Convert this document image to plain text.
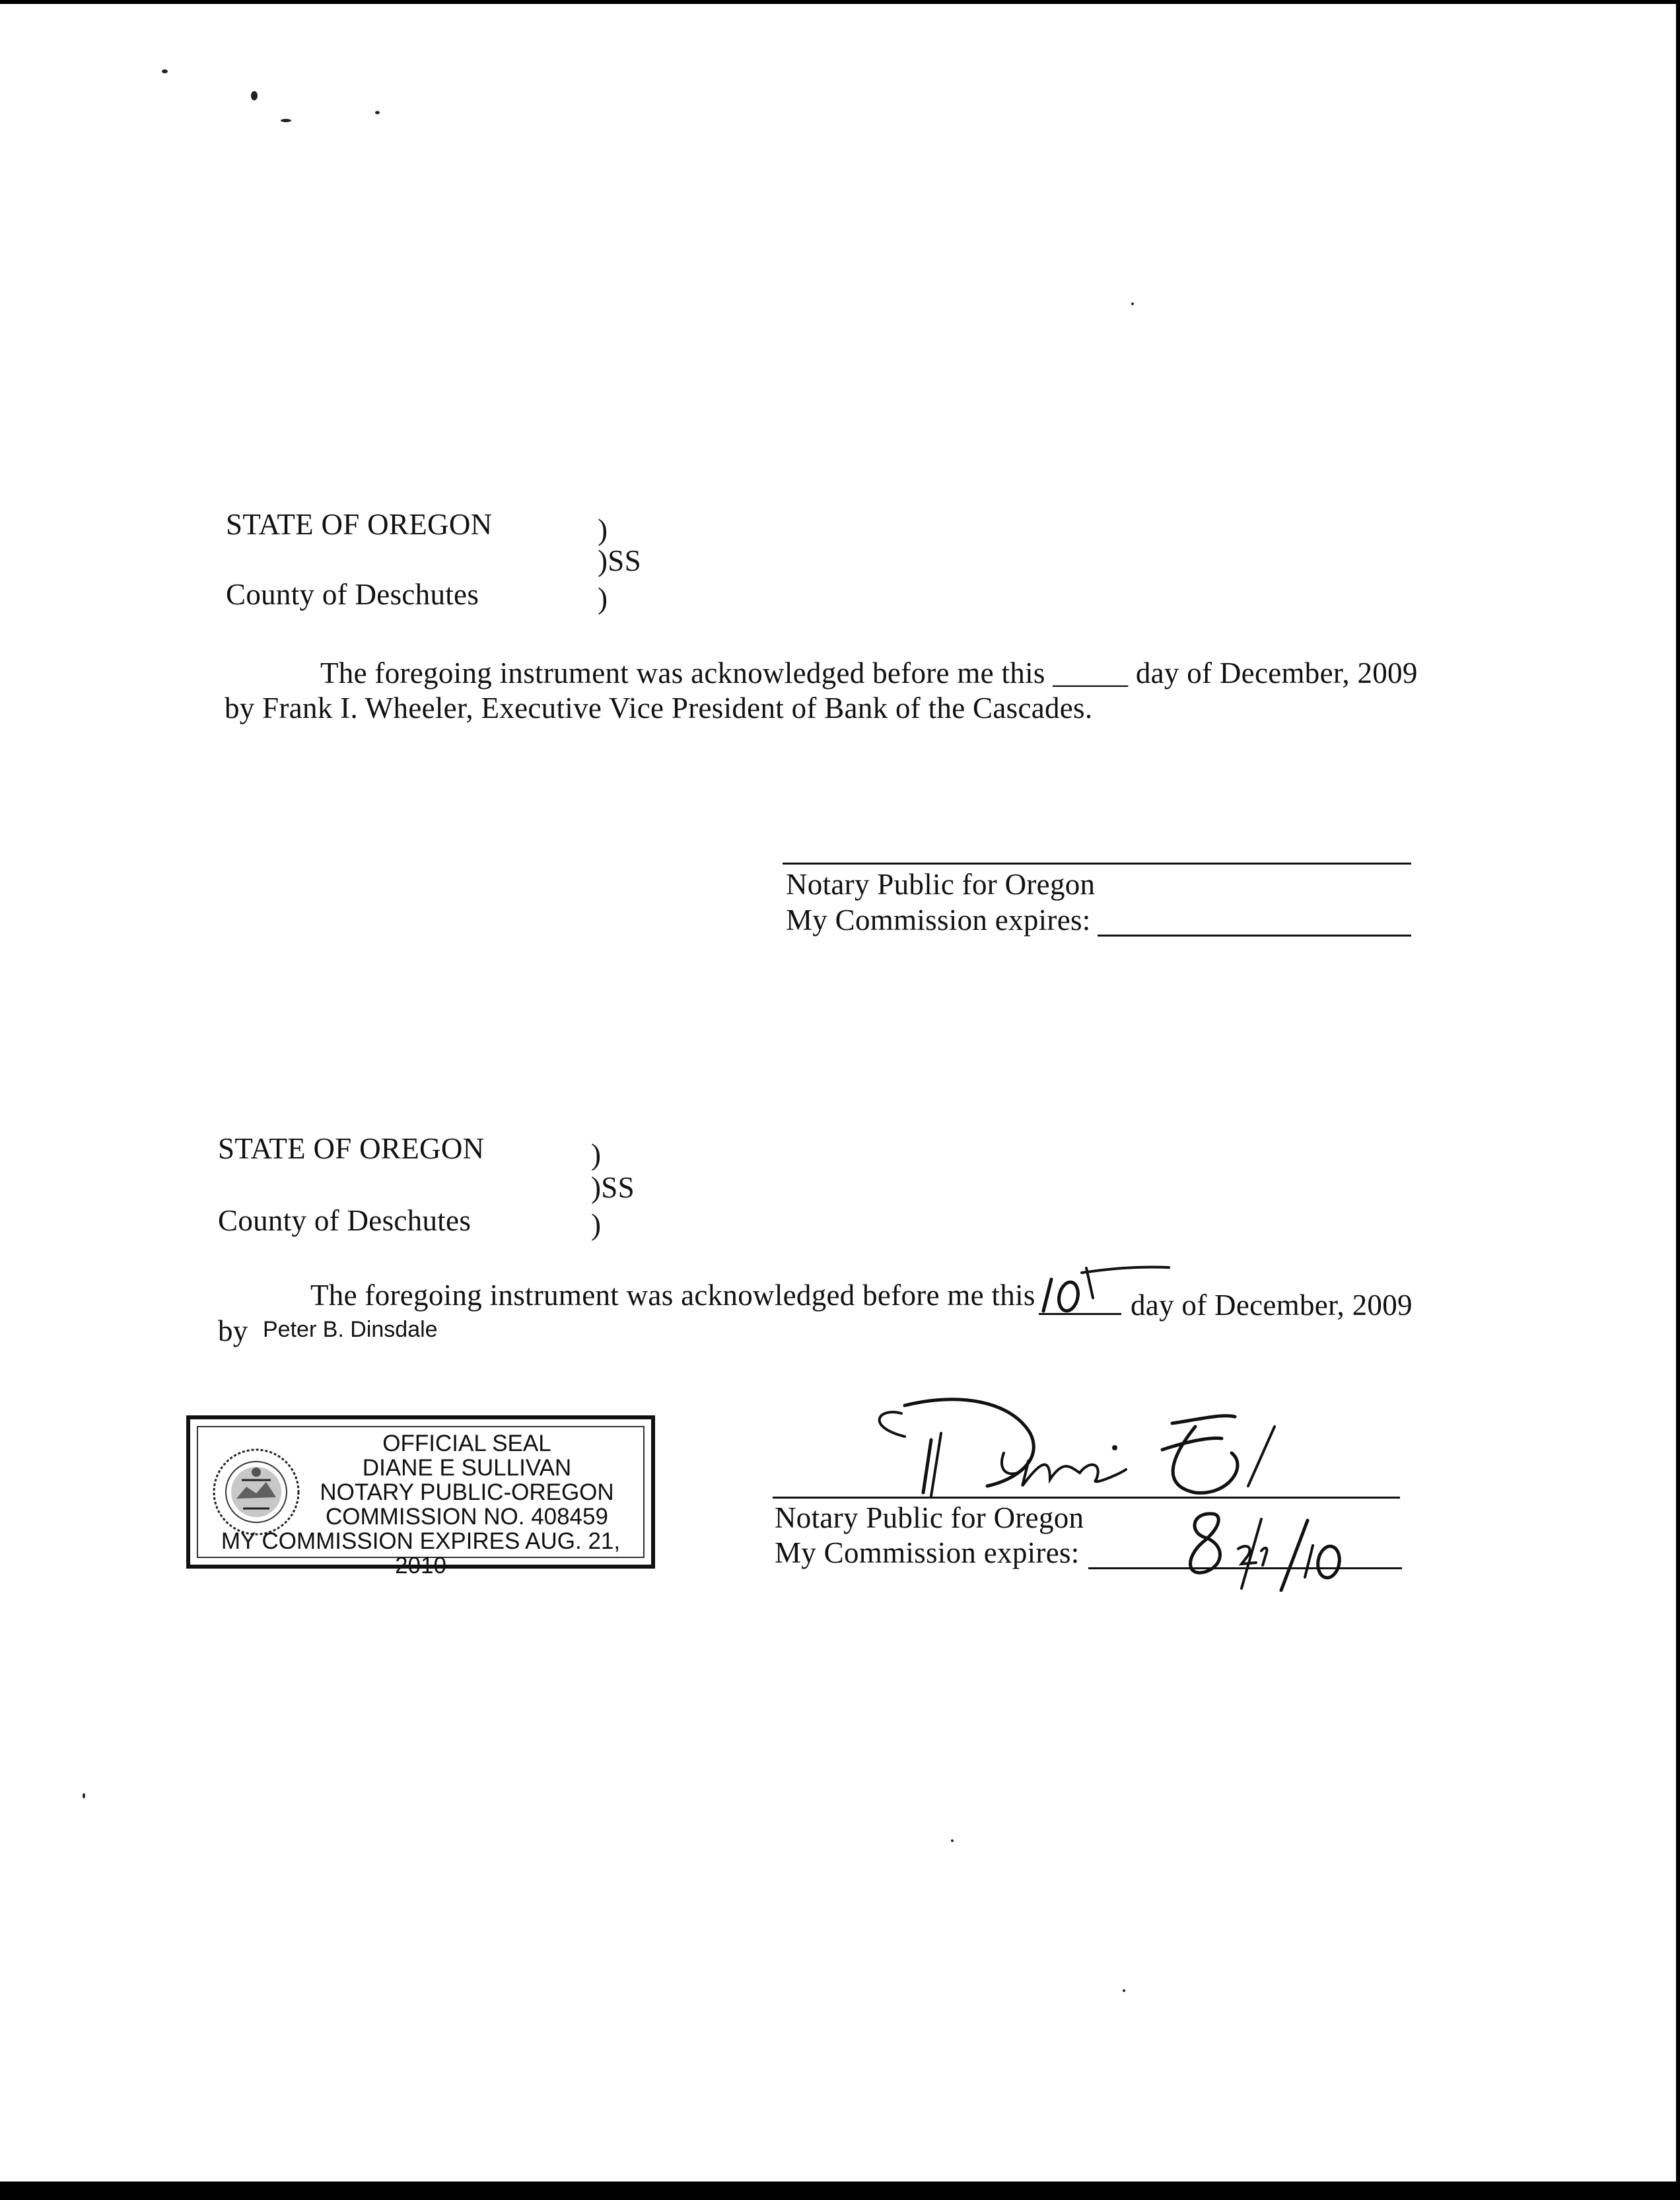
STATE OF OREGON	)
)SS
County of Deschutes	)
The foregoing instrument was acknowledged before me this _____ day of December, 2009
by Frank I. Wheeler, Executive Vice President of Bank of the Cascades.
Notary Public for Oregon
My Commission expires:
STATE OF OREGON	)
)SS
County of Deschutes	)
The foregoing instrument was acknowledged before me this	day of December, 2009
by Peter B. Dinsdale
Notary Public for Oregon
My Commission expires:
OFFICIAL SEAL
DIANE E SULLIVAN
NOTARY PUBLIC-OREGON
COMMISSION NO. 408459
MY COMMISSION EXPIRES AUG. 21, 2010
